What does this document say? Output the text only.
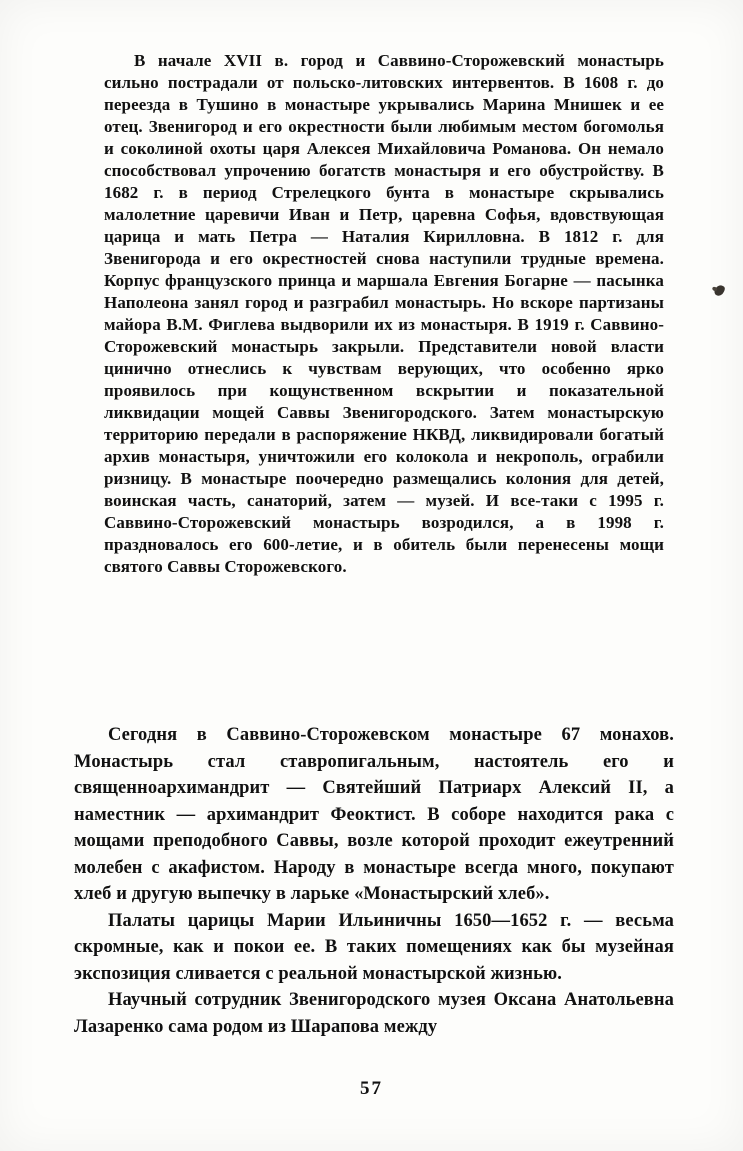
В начале XVII в. город и Саввино-Сторожевский монастырь сильно пострадали от польско-литовских интервентов. В 1608 г. до переезда в Тушино в монастыре укрывались Марина Мнишек и ее отец. Звенигород и его окрестности были любимым местом богомолья и соколиной охоты царя Алексея Михайловича Романова. Он немало способствовал упрочению богатств монастыря и его обустройству. В 1682 г. в период Стрелецкого бунта в монастыре скрывались малолетние царевичи Иван и Петр, царевна Софья, вдовствующая царица и мать Петра — Наталия Кирилловна. В 1812 г. для Звенигорода и его окрестностей снова наступили трудные времена. Корпус французского принца и маршала Евгения Богарне — пасынка Наполеона занял город и разграбил монастырь. Но вскоре партизаны майора В.М. Фиглева выдворили их из монастыря. В 1919 г. Саввино-Сторожевский монастырь закрыли. Представители новой власти цинично отнеслись к чувствам верующих, что особенно ярко проявилось при кощунственном вскрытии и показательной ликвидации мощей Саввы Звенигородского. Затем монастырскую территорию передали в распоряжение НКВД, ликвидировали богатый архив монастыря, уничтожили его колокола и некрополь, ограбили ризницу. В монастыре поочередно размещались колония для детей, воинская часть, санаторий, затем — музей. И все-таки с 1995 г. Саввино-Сторожевский монастырь возродился, а в 1998 г. праздновалось его 600-летие, и в обитель были перенесены мощи святого Саввы Сторожевского.

Сегодня в Саввино-Сторожевском монастыре 67 монахов. Монастырь стал ставропигальным, настоятель его и священноархимандрит — Святейший Патриарх Алексий II, а наместник — архимандрит Феоктист. В соборе находится рака с мощами преподобного Саввы, возле которой проходит ежеутренний молебен с акафистом. Народу в монастыре всегда много, покупают хлеб и другую выпечку в ларьке «Монастырский хлеб».

Палаты царицы Марии Ильиничны 1650—1652 г. — весьма скромные, как и покои ее. В таких помещениях как бы музейная экспозиция сливается с реальной монастырской жизнью.

Научный сотрудник Звенигородского музея Оксана Анатольевна Лазаренко сама родом из Шарапова между

57
